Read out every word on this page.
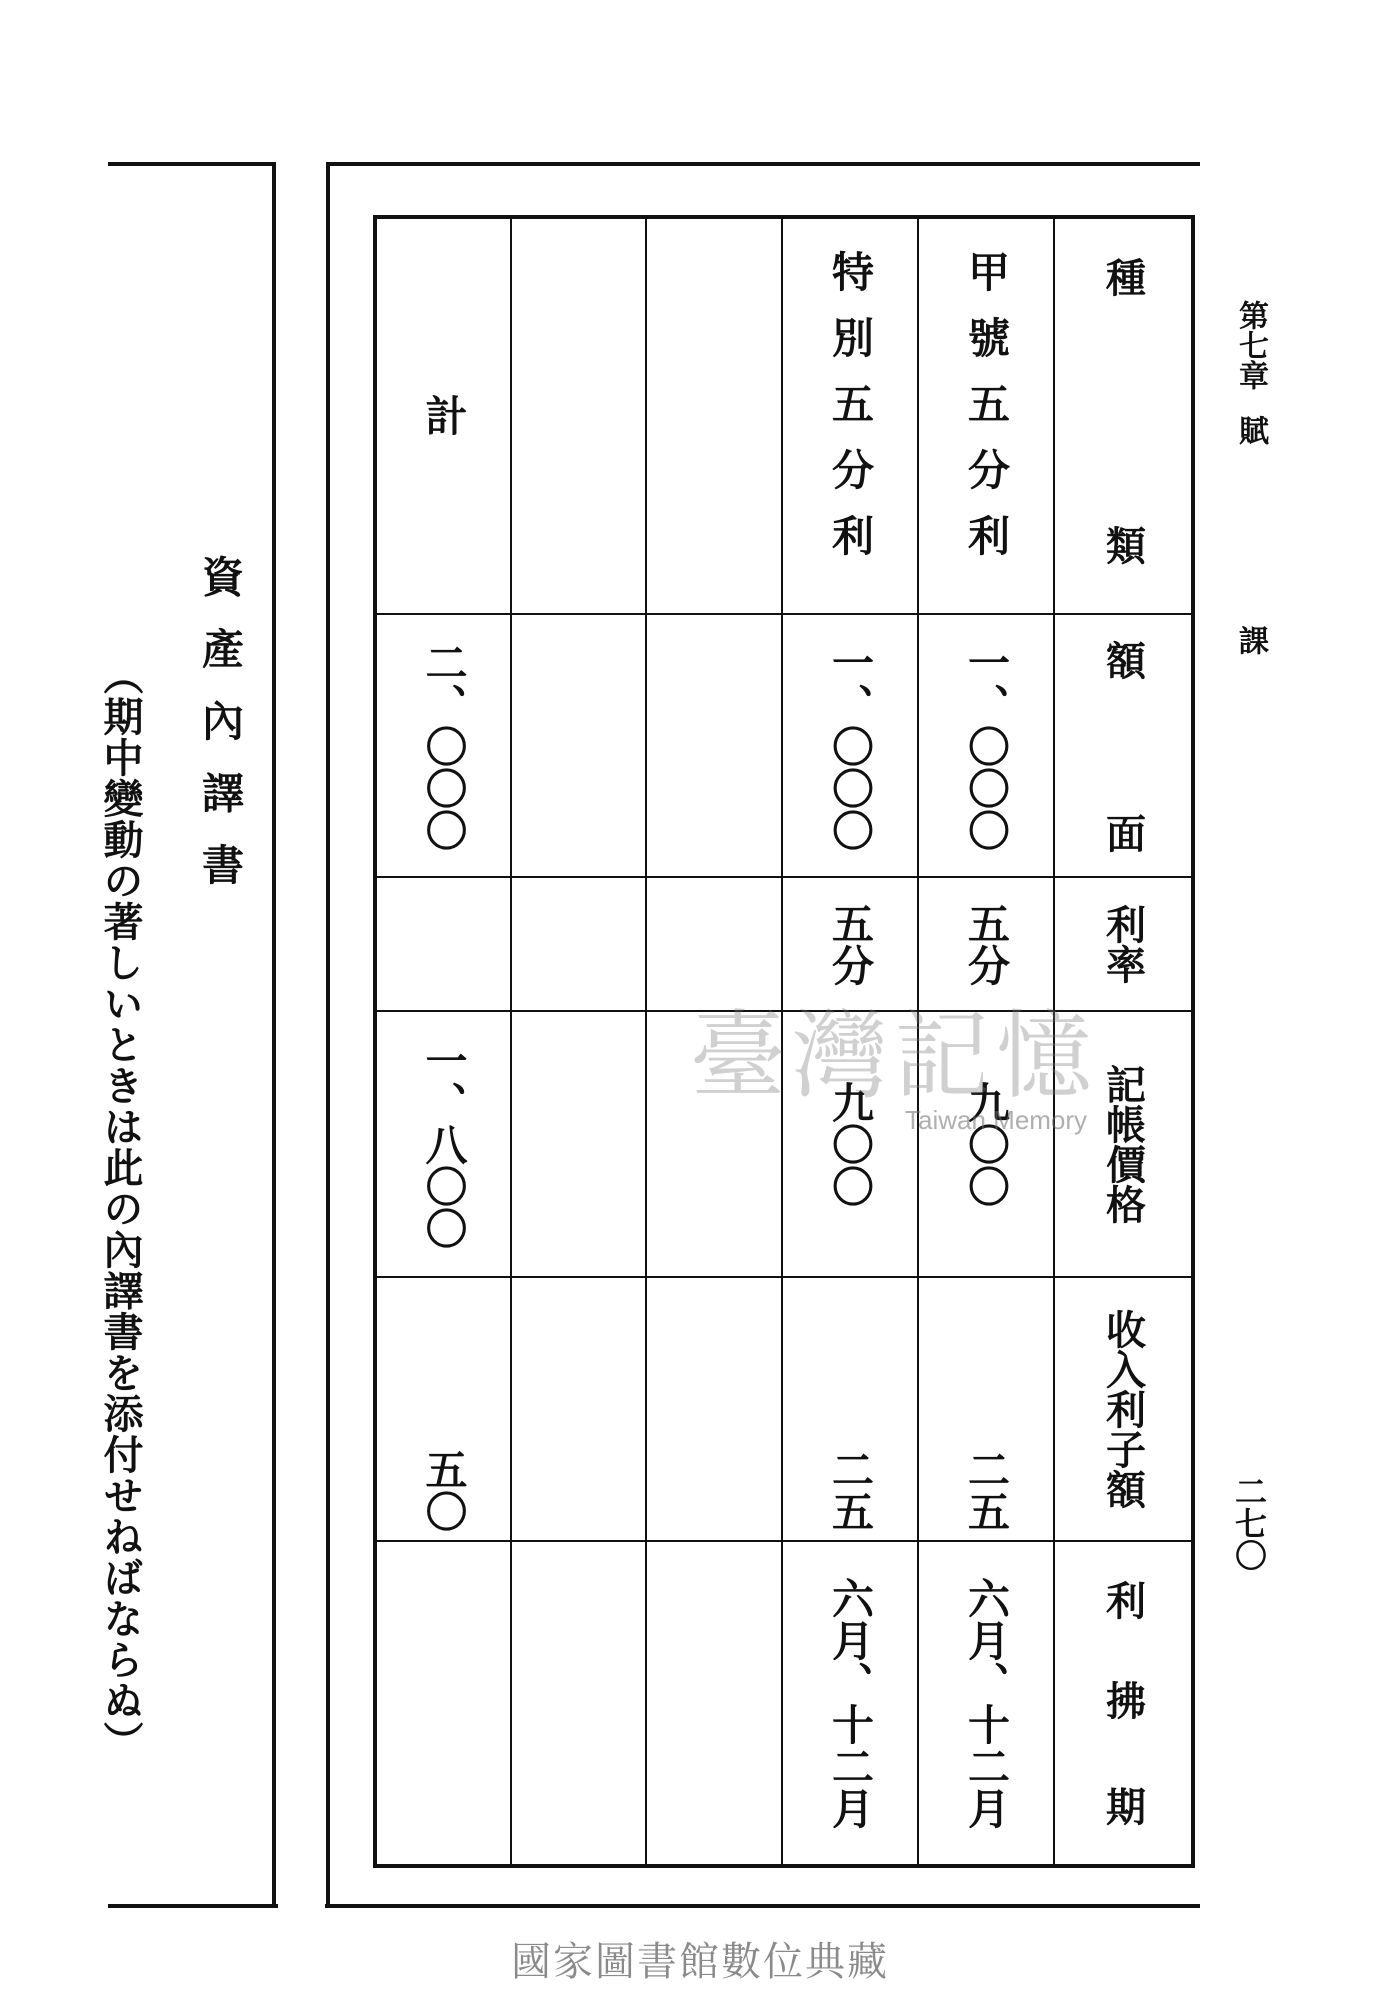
第七章
賦
課
二七〇
資產內譯書
（期中變動の著しいときは此の內譯書を添付せねばならぬ）
種
類
額
面
利率
記帳價格
收入利子額
利
拂
期
甲號五分利
一、〇〇〇
五分
九〇〇
二五
六月、十二月
特別五分利
一、〇〇〇
五分
九〇〇
二五
六月、十二月
計
二、〇〇〇
一、八〇〇
五〇
臺灣記憶
Taiwan Memory
國家圖書館數位典藏
